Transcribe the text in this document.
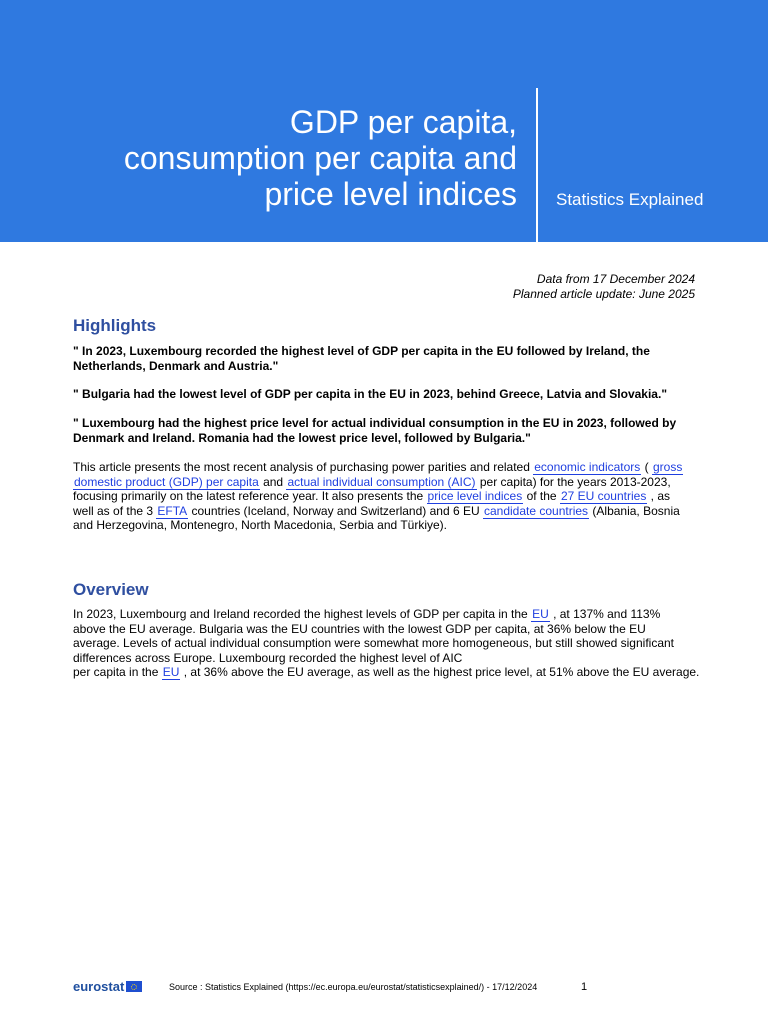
GDP per capita,
consumption per capita and
price level indices Statistics Explained
Data from 17 December 2024
Planned article update: June 2025
Highlights

" In 2023, Luxembourg recorded the highest level of GDP per capita in the EU followed by Ireland, the Netherlands, Denmark and Austria."

" Bulgaria had the lowest level of GDP per capita in the EU in 2023, behind Greece, Latvia and Slovakia."

" Luxembourg had the highest price level for actual individual consumption in the EU in 2023, followed by Denmark and Ireland. Romania had the lowest price level, followed by Bulgaria."

This article presents the most recent analysis of purchasing power parities and related economic indicators ( gross
domestic product (GDP) per capita and actual individual consumption (AIC) per capita) for the years 2013-2023,
focusing primarily on the latest reference year. It also presents the price level indices of the 27 EU countries , as
well as of the 3 EFTA countries (Iceland, Norway and Switzerland) and 6 EU candidate countries (Albania, Bosnia
and Herzegovina, Montenegro, North Macedonia, Serbia and Türkiye).
Overview
In 2023, Luxembourg and Ireland recorded the highest levels of GDP per capita in the EU , at 137% and 113%
above the EU average. Bulgaria was the EU countries with the lowest GDP per capita, at 36% below the EU
average. Levels of actual individual consumption were somewhat more homogeneous, but still showed significant
differences across Europe. Luxembourg recorded the highest level of AIC
per capita in the EU , at 36% above the EU average, as well as the highest price level, at 51% above the EU average.
eurostat	Source : Statistics Explained (https://ec.europa.eu/eurostat/statisticsexplained/) - 17/12/2024	1
